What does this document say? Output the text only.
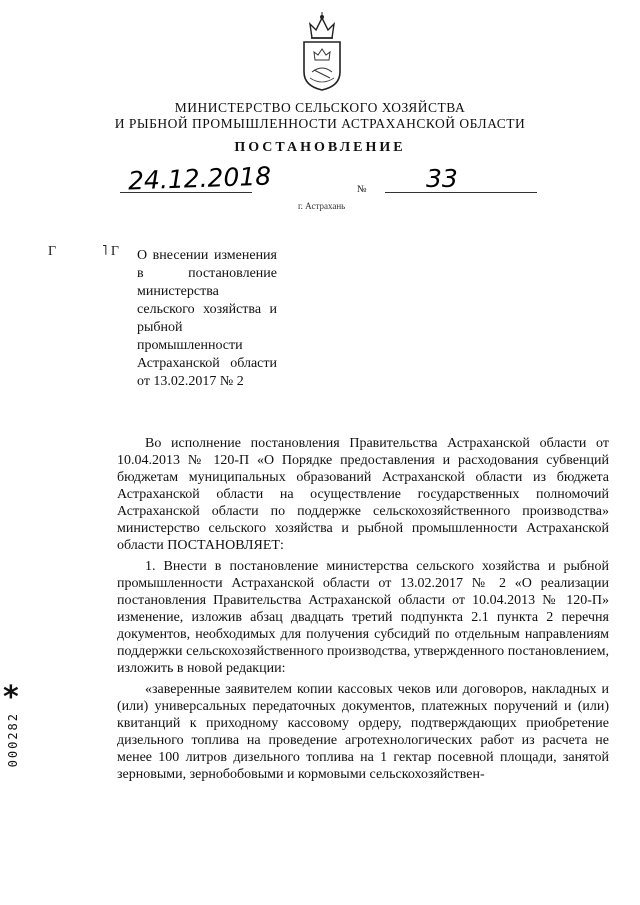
МИНИСТЕРСТВО СЕЛЬСКОГО ХОЗЯЙСТВА
И РЫБНОЙ ПРОМЫШЛЕННОСТИ АСТРАХАНСКОЙ ОБЛАСТИ
ПОСТАНОВЛЕНИЕ
24.12.2018	№ 33
г. Астрахань
Г	˥ Г О внесении изменения в постановление министерства сельского хозяйства и рыбной промышленности Астраханской области от 13.02.2017 № 2
Во исполнение постановления Правительства Астраханской области от 10.04.2013 № 120-П «О Порядке предоставления и расходования субвенций бюджетам муниципальных образований Астраханской области из бюджета Астраханской области на осуществление государственных полномочий Астраханской области по поддержке сельскохозяйственного производства» министерство сельского хозяйства и рыбной промышленности Астраханской области ПОСТАНОВЛЯЕТ:
1. Внести в постановление министерства сельского хозяйства и рыбной промышленности Астраханской области от 13.02.2017 № 2 «О реализации постановления Правительства Астраханской области от 10.04.2013 № 120-П» изменение, изложив абзац двадцать третий подпункта 2.1 пункта 2 перечня документов, необходимых для получения субсидий по отдельным направлениям поддержки сельскохозяйственного производства, утвержденного постановлением, изложить в новой редакции:
«заверенные заявителем копии кассовых чеков или договоров, накладных и (или) универсальных передаточных документов, платежных поручений и (или) квитанций к приходному кассовому ордеру, подтверждающих приобретение дизельного топлива на проведение агротехнологических работ из расчета не менее 100 литров дизельного топлива на 1 гектар посевной площади, занятой зерновыми, зернобобовыми и кормовыми сельскохозяйствен-
*
000282
